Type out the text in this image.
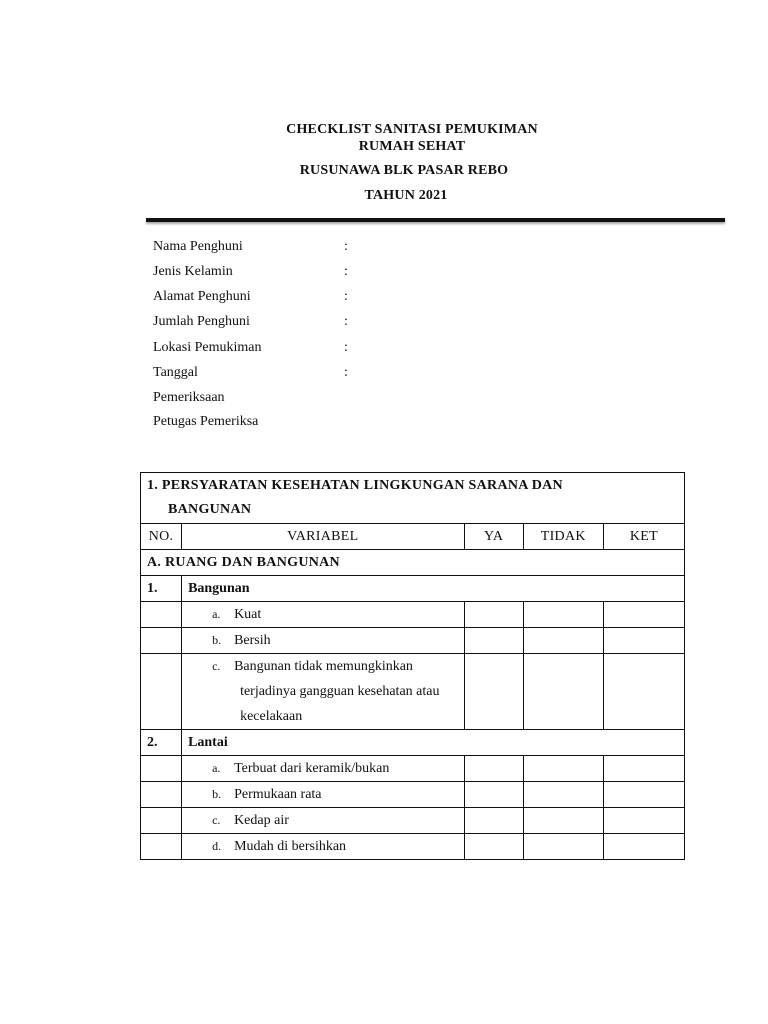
CHECKLIST SANITASI PEMUKIMAN
RUMAH SEHAT
RUSUNAWA BLK PASAR REBO
TAHUN 2021
Nama Penghuni	:
Jenis Kelamin	:
Alamat Penghuni	:
Jumlah Penghuni	:
Lokasi Pemukiman	:
Tanggal	:
Pemeriksaan
Petugas Pemeriksa
1. PERSYARATAN KESEHATAN LINGKUNGAN SARANA DAN
BANGUNAN				

NO.	VARIABEL	YA	TIDAK	KET
A. RUANG DAN BANGUNAN				
1.	Bangunan			
	a. Kuat			
	b. Bersih			
	c. Bangunan tidak memungkinkan
terjadinya gangguan kesehatan atau
kecelakaan			

2.	Lantai			
	a. Terbuat dari keramik/bukan			
	b. Permukaan rata			
	c. Kedap air			
	d. Mudah di bersihkan			
